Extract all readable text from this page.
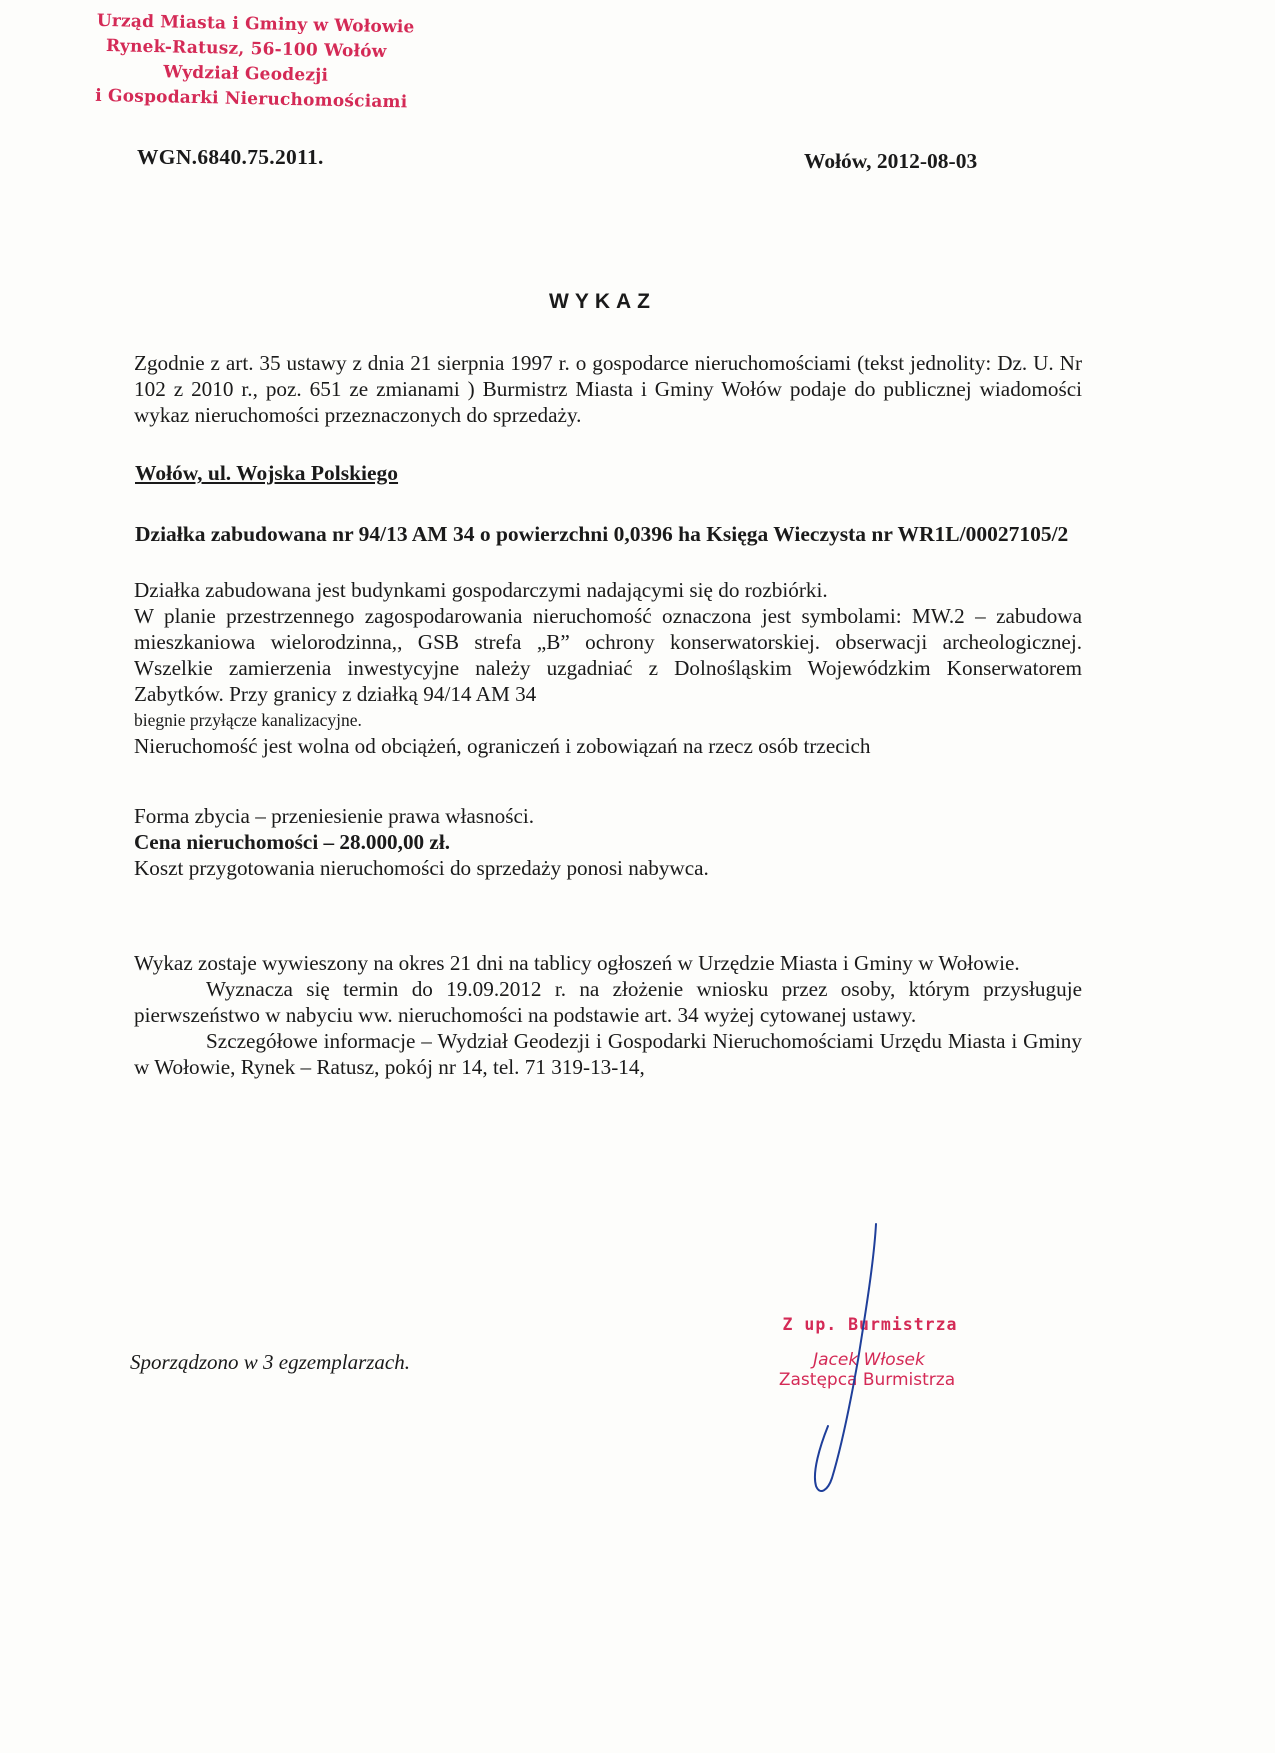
Urząd Miasta i Gminy w Wołowie
Rynek-Ratusz, 56-100 Wołów
Wydział Geodezji
i Gospodarki Nieruchomościami
WGN.6840.75.2011.	Wołów, 2012-08-03
WYKAZ
Zgodnie z art. 35 ustawy z dnia 21 sierpnia 1997 r. o gospodarce nieruchomościami (tekst jednolity: Dz. U. Nr 102 z 2010 r., poz. 651 ze zmianami ) Burmistrz Miasta i Gminy Wołów podaje do publicznej wiadomości wykaz nieruchomości przeznaczonych do sprzedaży.
Wołów, ul. Wojska Polskiego
Działka zabudowana nr 94/13 AM 34 o powierzchni 0,0396 ha Księga Wieczysta nr WR1L/00027105/2
Działka zabudowana jest budynkami gospodarczymi nadającymi się do rozbiórki.
W planie przestrzennego zagospodarowania nieruchomość oznaczona jest symbolami: MW.2 – zabudowa mieszkaniowa wielorodzinna,, GSB strefa „B” ochrony konserwatorskiej. obserwacji archeologicznej. Wszelkie zamierzenia inwestycyjne należy uzgadniać z Dolnośląskim Wojewódzkim Konserwatorem Zabytków. Przy granicy z działką 94/14 AM 34
biegnie przyłącze kanalizacyjne.
Nieruchomość jest wolna od obciążeń, ograniczeń i zobowiązań na rzecz osób trzecich
Forma zbycia – przeniesienie prawa własności.
Cena nieruchomości – 28.000,00 zł.
Koszt przygotowania nieruchomości do sprzedaży ponosi nabywca.
Wykaz zostaje wywieszony na okres 21 dni na tablicy ogłoszeń w Urzędzie Miasta i Gminy w Wołowie.
Wyznacza się termin do 19.09.2012 r. na złożenie wniosku przez osoby, którym przysługuje pierwszeństwo w nabyciu ww. nieruchomości na podstawie art. 34 wyżej cytowanej ustawy.
Szczegółowe informacje – Wydział Geodezji i Gospodarki Nieruchomościami Urzędu Miasta i Gminy w Wołowie, Rynek – Ratusz, pokój nr 14, tel. 71 319-13-14,
Sporządzono w 3 egzemplarzach.
Z up. Burmistrza
Jacek Włosek
Zastępca Burmistrza
